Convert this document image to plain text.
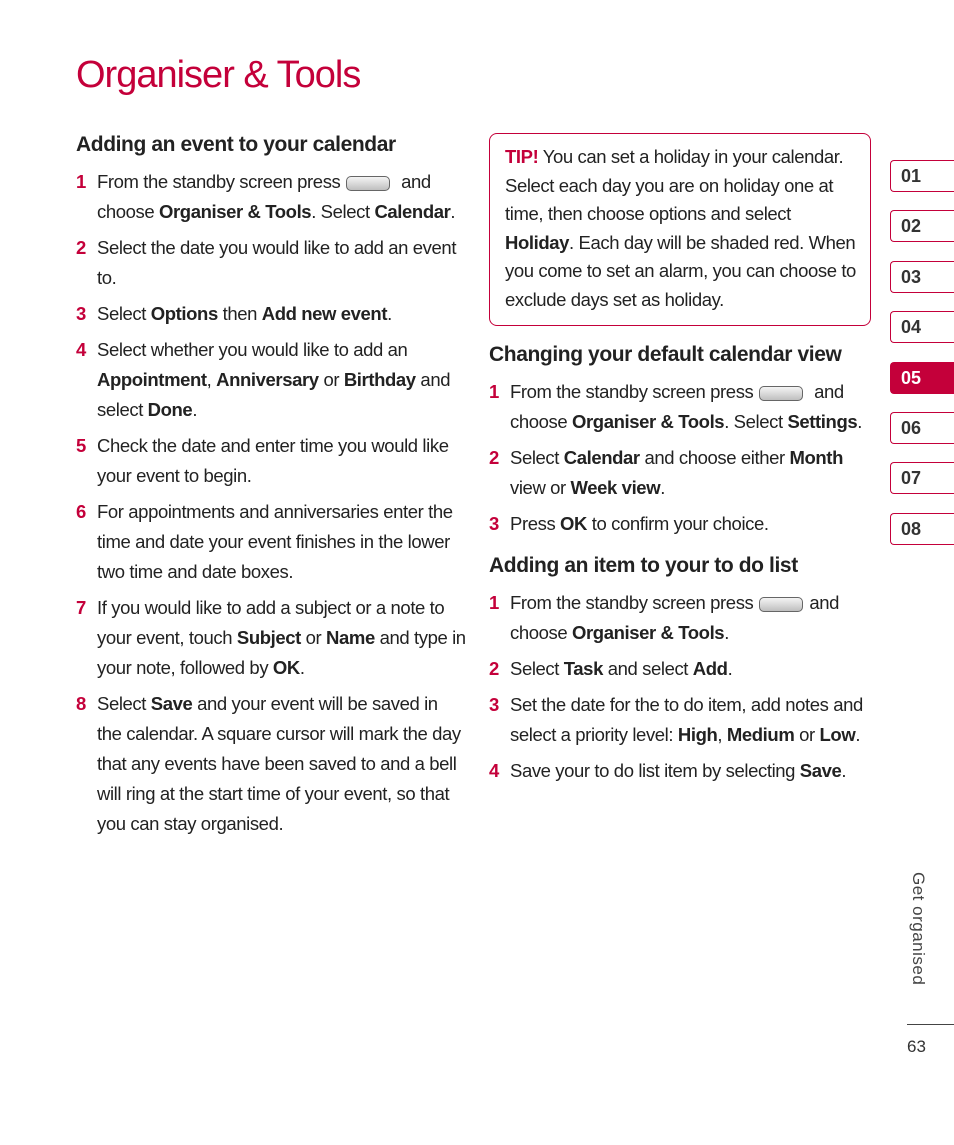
Organiser & Tools
Adding an event to your calendar
1 From the standby screen press	and choose Organiser & Tools. Select Calendar.
2 Select the date you would like to add an event to.
3 Select Options then Add new event.
4 Select whether you would like to add an Appointment, Anniversary or Birthday and select Done.
5 Check the date and enter time you would like your event to begin.
6 For appointments and anniversaries enter the time and date your event finishes in the lower two time and date boxes.
7 If you would like to add a subject or a note to your event, touch Subject or Name and type in your note, followed by OK.
8 Select Save and your event will be saved in the calendar. A square cursor will mark the day that any events have been saved to and a bell will ring at the start time of your event, so that you can stay organised.
TIP! You can set a holiday in your calendar. Select each day you are on holiday one at time, then choose options and select Holiday. Each day will be shaded red. When you come to set an alarm, you can choose to exclude days set as holiday.
Changing your default calendar view
1 From the standby screen press	and choose Organiser & Tools. Select Settings.
2 Select Calendar and choose either Month view or Week view.
3 Press OK to confirm your choice.
Adding an item to your to do list
1 From the standby screen press	and choose Organiser & Tools.
2 Select Task and select Add.
3 Set the date for the to do item, add notes and select a priority level: High, Medium or Low.
4 Save your to do list item by selecting Save.
01
02
03
04
05
06
07
08
Get organised
63
